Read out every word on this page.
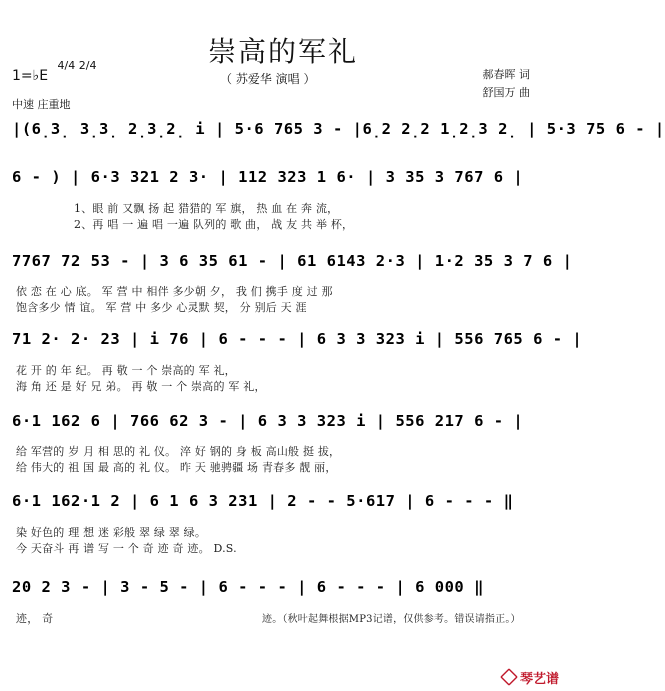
崇高的军礼
1=♭E
4/4 2/4
（ 苏爱华 演唱 ）	郝春晖 词
舒国万 曲
中速 庄重地
|(6̣3̣ 3̣3̣ 2̣3̣2̣ i | 5·6 765 3 - |6̣2 2̣2 1̣2̣3 2̣ | 5·3 75 6 - |
6 - ) | 6·3 321 2 3· | 112 323 1 6· | 3 35 3 767 6 |
1、眼 前 又飘 扬 起 猎猎的 军 旗， 热 血 在 奔 流，
2、再 唱 一 遍 唱 一遍 队列的 歌 曲， 战 友 共 举 杯，
7767 72 53 - | 3 6 35 61 - | 61 6143 2·3 | 1·2 35 3 7 6 |
依 恋 在 心 底。 军 营 中 相伴 多少朝 夕， 我 们 携手 度 过 那
饱含多少 情 谊。 军 营 中 多少 心灵默 契， 分 别后 天 涯
71 2· 2· 23 | i 76 | 6 - - - | 6 3 3 323 i | 556 765 6 - |
花 开 的 年 纪。 再 敬 一 个 崇高的 军 礼，
海 角 还 是 好 兄 弟。 再 敬 一 个 崇高的 军 礼，
6·1 162 6 | 766 62 3 - | 6 3 3 323 i | 556 217 6 - |
给 军营的 岁 月 相 思的 礼 仪。 淬 好 钢的 身 板 高山般 挺 拔，
给 伟大的 祖 国 最 高的 礼 仪。 昨 天 驰骋疆 场 青春多 靓 丽，
6·1 162·1 2 | 6 1 6 3 231 | 2 - - 5·617 | 6 - - - ‖
染 好色的 理 想 迷 彩般 翠 绿 翠 绿。
今 天奋斗 再 谱 写 一 个 奇 迹 奇 迹。 D.S.
20 2 3 - | 3 - 5 - | 6 - - - | 6 - - - | 6 000 ‖
迹， 奇	迹。（秋叶起舞根据MP3记谱，仅供参考。错误请指正。）
琴艺谱
